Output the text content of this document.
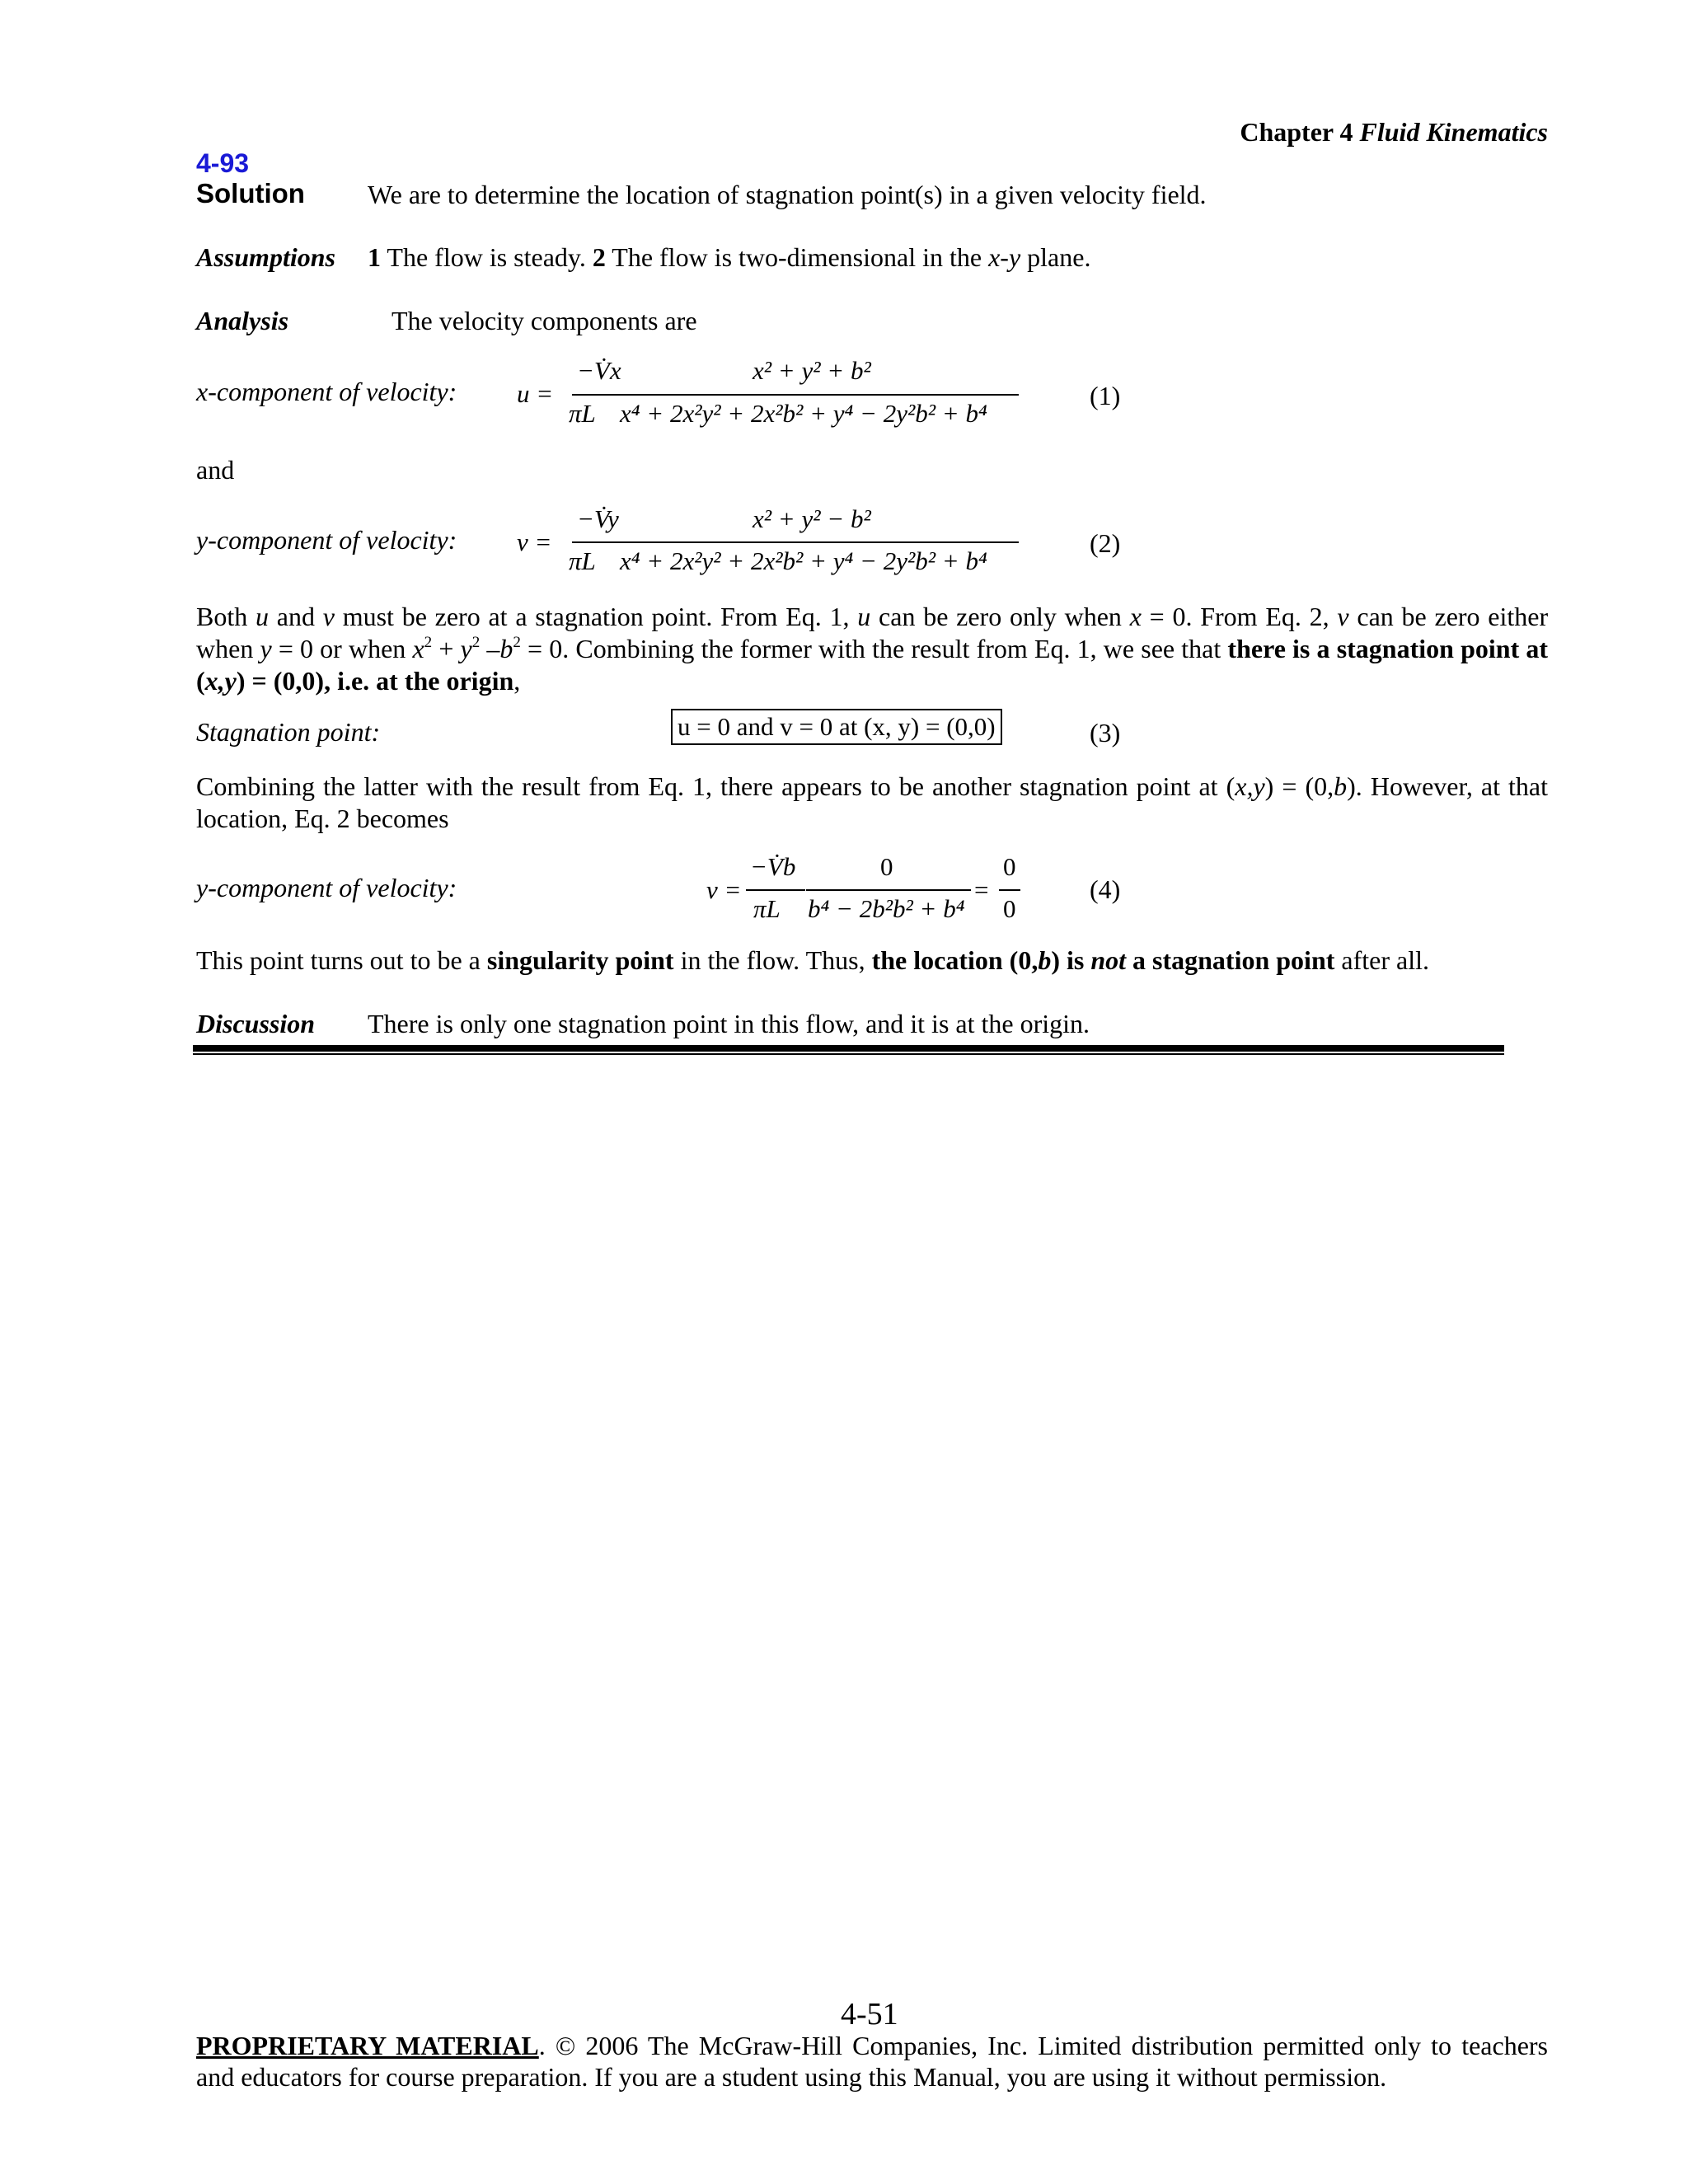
Chapter 4 Fluid Kinematics
4-93
Solution We are to determine the location of stagnation point(s) in a given velocity field.
Assumptions 1 The flow is steady. 2 The flow is two-dimensional in the x-y plane.
Analysis	The velocity components are
x-component of velocity: u =
−V̇x
πL
x² + y² + b²
x⁴ + 2x²y² + 2x²b² + y⁴ − 2y²b² + b⁴
(1)
and
y-component of velocity: v =
−V̇y
πL
x² + y² − b²
x⁴ + 2x²y² + 2x²b² + y⁴ − 2y²b² + b⁴
(2)

Both u and v must be zero at a stagnation point. From Eq. 1, u can be zero only when x = 0. From Eq. 2, v can be zero either when y = 0 or when $x^2 + y^2$ $-b^2 = 0$. Combining the former with the result from Eq. 1, we see that there is a stagnation point at (x,y) = (0,0), i.e. at the origin,

Stagnation point:	u = 0 and v = 0 at (x, y) = (0,0)	(3)

Combining the latter with the result from Eq. 1, there appears to be another stagnation point at (x,y) = (0,b). However, at that location, Eq. 2 becomes

y-component of velocity:	v =
−V̇b
πL
0
b⁴ − 2b²b² + b⁴
=
0
0
(4)
This point turns out to be a singularity point in the flow. Thus, the location (0,b) is not a stagnation point after all.
Discussion There is only one stagnation point in this flow, and it is at the origin.
4-51
PROPRIETARY MATERIAL. © 2006 The McGraw-Hill Companies, Inc. Limited distribution permitted only to teachers and educators for course preparation. If you are a student using this Manual, you are using it without permission.
